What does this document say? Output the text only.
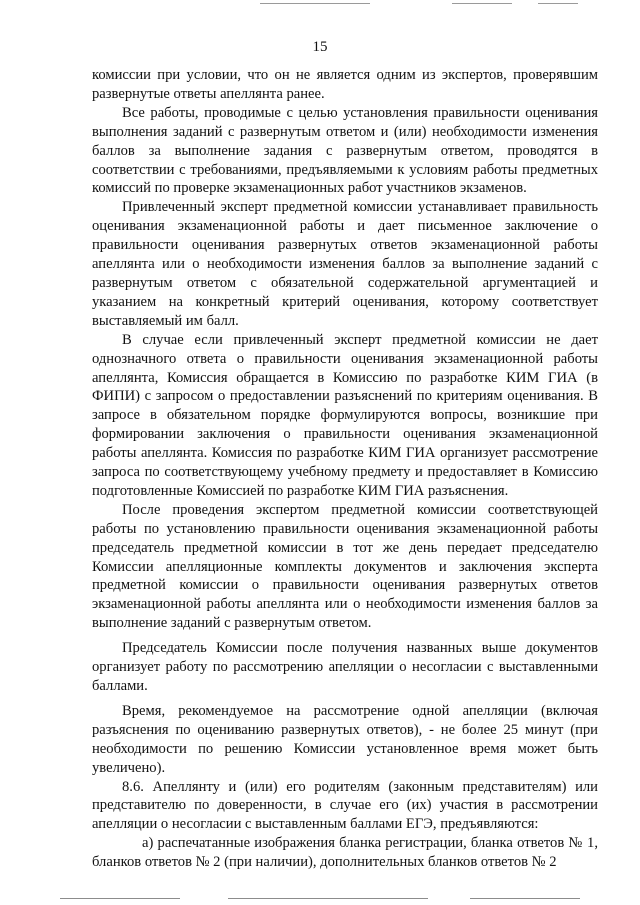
15

комиссии при условии, что он не является одним из экспертов, проверявшим развернутые ответы апеллянта ранее.

Все работы, проводимые с целью установления правильности оценивания выполнения заданий с развернутым ответом и (или) необходимости изменения баллов за выполнение задания с развернутым ответом, проводятся в соответствии с требованиями, предъявляемыми к условиям работы предметных комиссий по проверке экзаменационных работ участников экзаменов.

Привлеченный эксперт предметной комиссии устанавливает правильность оценивания экзаменационной работы и дает письменное заключение о правильности оценивания развернутых ответов экзаменационной работы апеллянта или о необходимости изменения баллов за выполнение заданий с развернутым ответом с обязательной содержательной аргументацией и указанием на конкретный критерий оценивания, которому соответствует выставляемый им балл.

В случае если привлеченный эксперт предметной комиссии не дает однозначного ответа о правильности оценивания экзаменационной работы апеллянта, Комиссия обращается в Комиссию по разработке КИМ ГИА (в ФИПИ) с запросом о предоставлении разъяснений по критериям оценивания. В запросе в обязательном порядке формулируются вопросы, возникшие при формировании заключения о правильности оценивания экзаменационной работы апеллянта. Комиссия по разработке КИМ ГИА организует рассмотрение запроса по соответствующему учебному предмету и предоставляет в Комиссию подготовленные Комиссией по разработке КИМ ГИА разъяснения.

После проведения экспертом предметной комиссии соответствующей работы по установлению правильности оценивания экзаменационной работы председатель предметной комиссии в тот же день передает председателю Комиссии апелляционные комплекты документов и заключения эксперта предметной комиссии о правильности оценивания развернутых ответов экзаменационной работы апеллянта или о необходимости изменения баллов за выполнение заданий с развернутым ответом.

Председатель Комиссии после получения названных выше документов организует работу по рассмотрению апелляции о несогласии с выставленными баллами.

Время, рекомендуемое на рассмотрение одной апелляции (включая разъяснения по оцениванию развернутых ответов), - не более 25 минут (при необходимости по решению Комиссии установленное время может быть увеличено).

8.6. Апеллянту и (или) его родителям (законным представителям) или представителю по доверенности, в случае его (их) участия в рассмотрении апелляции о несогласии с выставленным баллами ЕГЭ, предъявляются:

а) распечатанные изображения бланка регистрации, бланка ответов № 1, бланков ответов № 2 (при наличии), дополнительных бланков ответов № 2
